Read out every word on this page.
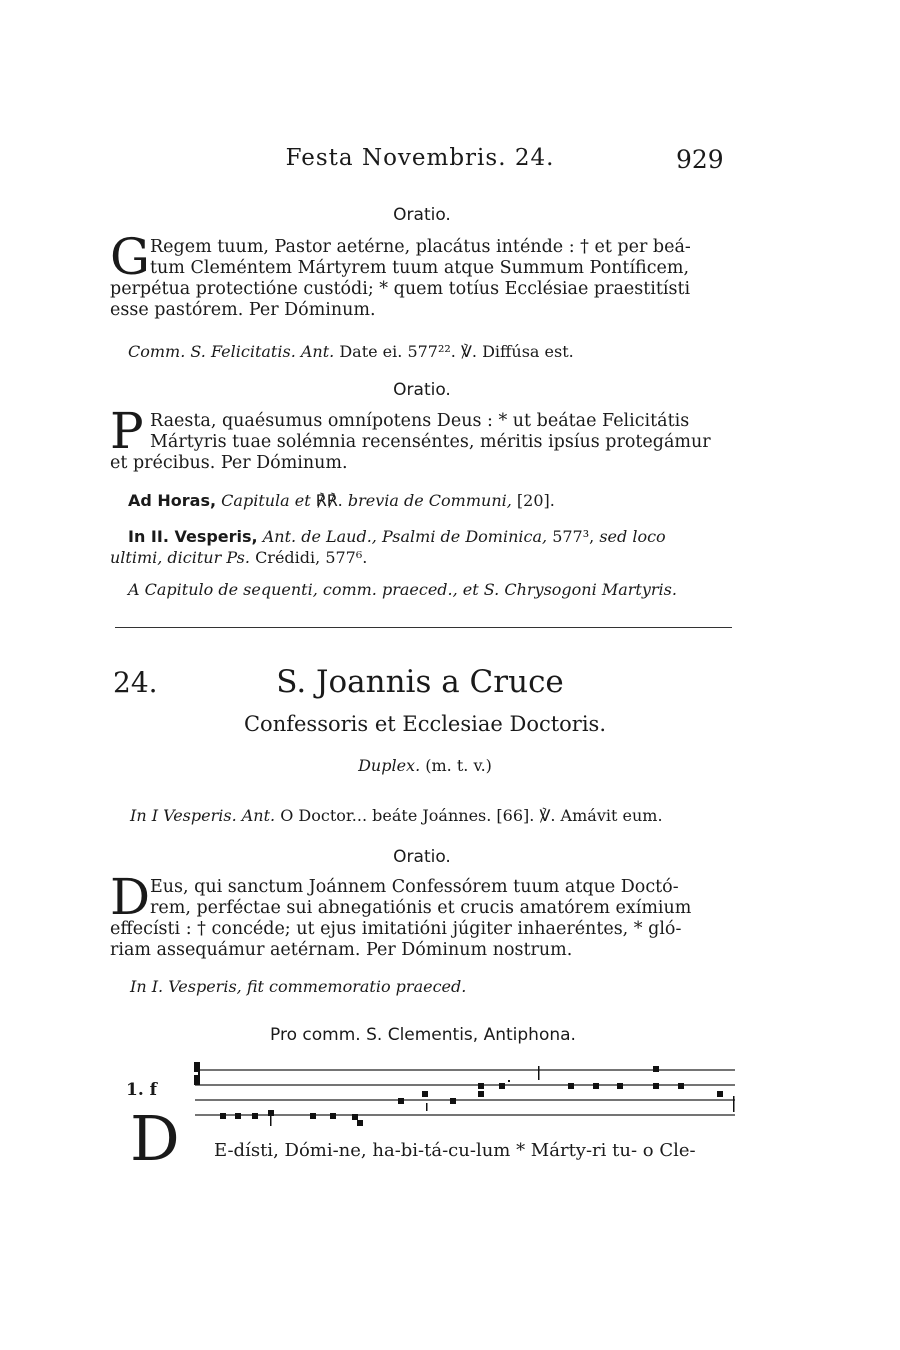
Festa Novembris. 24.	929
Oratio.
G Regem tuum, Pastor aetérne, placátus inténde : † et per beá-
tum Cleméntem Mártyrem tuum atque Summum Pontíficem,
perpétua protectióne custódi; * quem totíus Ecclésiae praestitísti
esse pastórem. Per Dóminum.
Comm. S. Felicitatis. Ant. Date ei. 577²². ℣. Diffúsa est.
Oratio.
P Raesta, quaésumus omnípotens Deus : * ut beátae Felicitátis
Mártyris tuae solémnia recenséntes, méritis ipsíus protegámur
et précibus. Per Dóminum.
Ad Horas, Capitula et ℟℟. brevia de Communi, [20].
In II. Vesperis, Ant. de Laud., Psalmi de Dominica, 577³, sed loco
ultimi, dicitur Ps. Crédidi, 577⁶.
A Capitulo de sequenti, comm. praeced., et S. Chrysogoni Martyris.
24.	S. Joannis a Cruce
Confessoris et Ecclesiae Doctoris.
Duplex. (m. t. v.)
In I Vesperis. Ant. O Doctor... beáte Joánnes. [66]. ℣. Amávit eum.
Oratio.
D Eus, qui sanctum Joánnem Confessórem tuum atque Doctó-
rem, perféctae sui abnegatiónis et crucis amatórem exímium
effecísti : † concéde; ut ejus imitatióni júgiter inhaeréntes, * gló-
riam assequámur aetérnam. Per Dóminum nostrum.
In I. Vesperis, fit commemoratio praeced.
Pro comm. S. Clementis, Antiphona.
1. f
D E-dísti, Dómi-ne, ha-bi-tá-cu-lum * Márty-ri tu- o Cle-
